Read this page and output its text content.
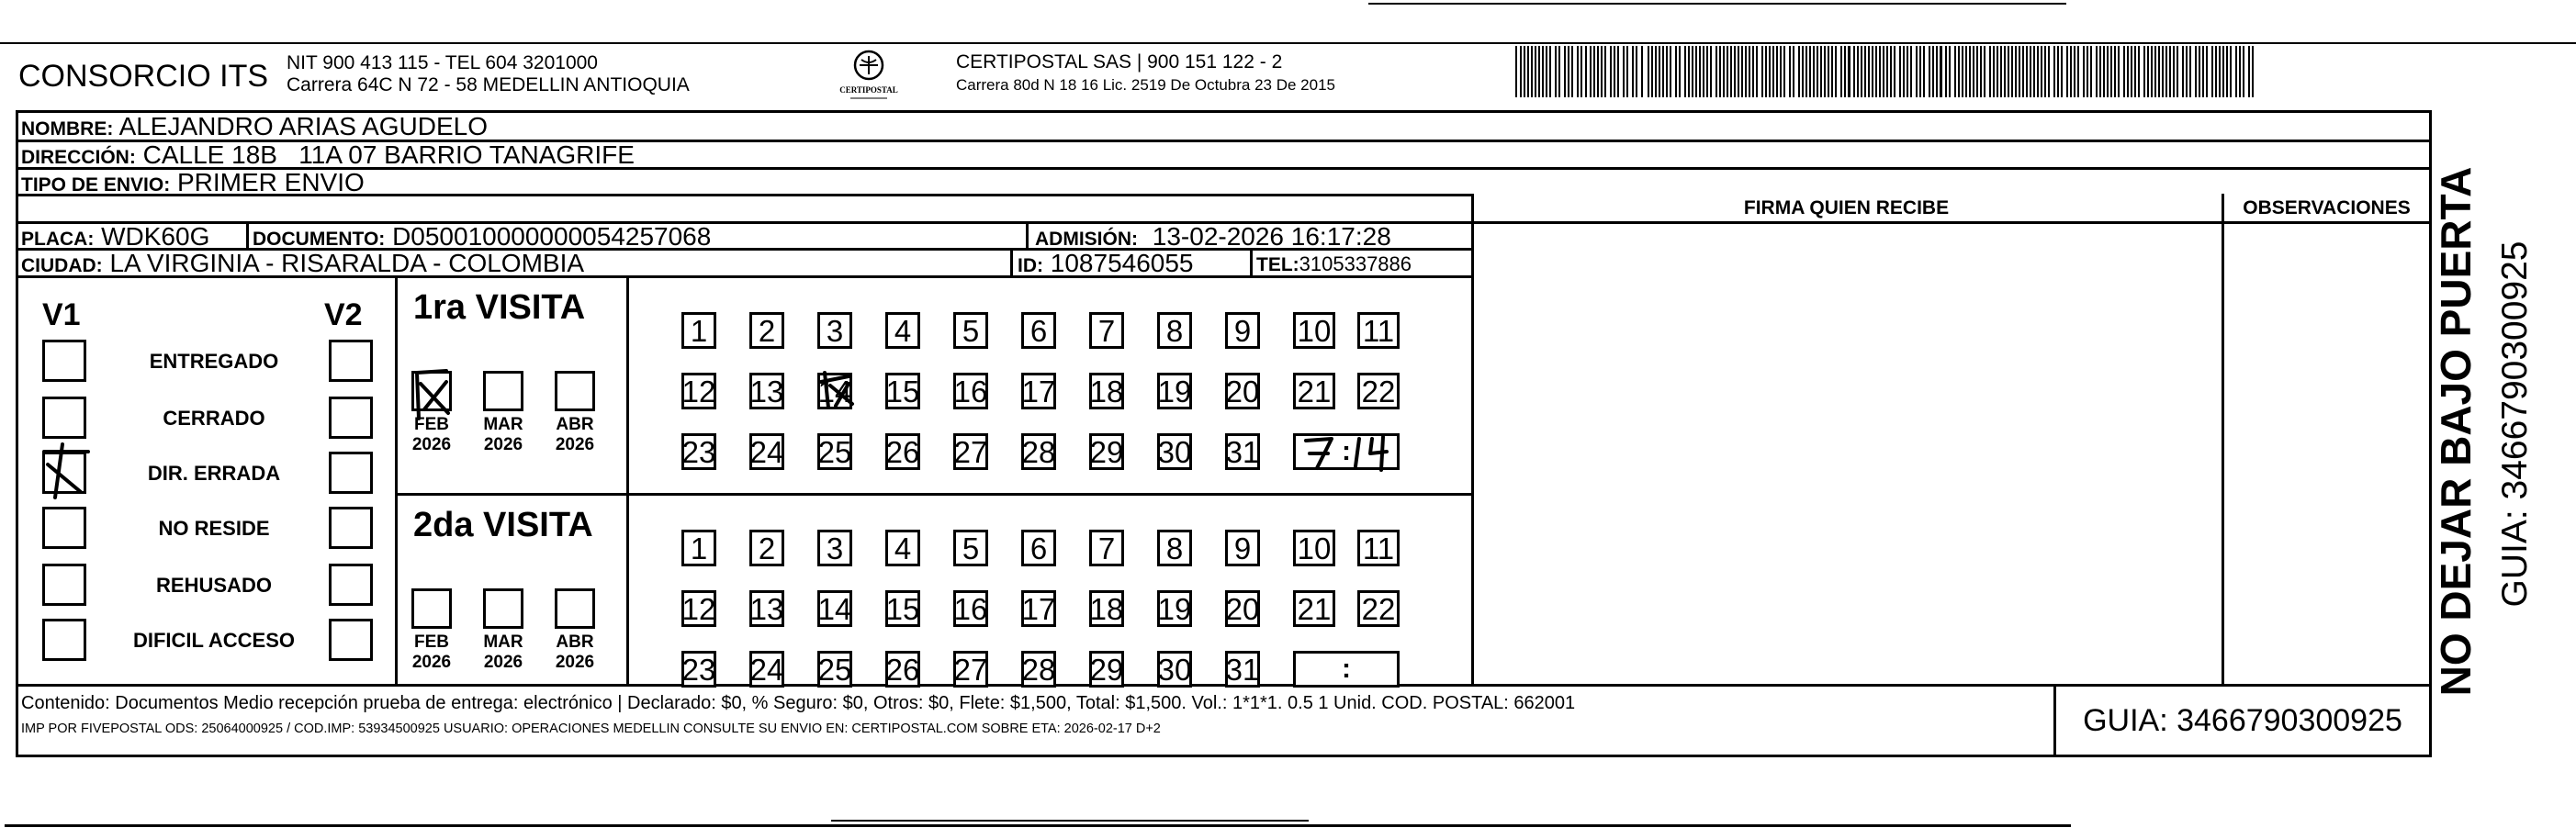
CONSORCIO ITS NIT 900 413 115 - TEL 604 3201000
Carrera 64C N 72 - 58 MEDELLIN ANTIOQUIA	CERTIPOSTAL
CERTIPOSTAL SAS | 900 151 122 - 2
Carrera 80d N 18 16 Lic. 2519 De Octubra 23 De 2015
NOMBRE: ALEJANDRO ARIAS AGUDELO
DIRECCIÓN: CALLE 18B   11A 07 BARRIO TANAGRIFE
TIPO DE ENVIO: PRIMER ENVIO
FIRMA QUIEN RECIBE	OBSERVACIONES
PLACA: WDK60G DOCUMENTO: D050010000000054257068	ADMISIÓN: 13-02-2026 16:17:28
CIUDAD: LA VIRGINIA - RISARALDA - COLOMBIA	ID: 1087546055	TEL:3105337886
V1	V2
ENTREGADO
CERRADO
DIR. ERRADA
NO RESIDE
REHUSADO
DIFICIL ACCESO
1ra VISITA
FEB
2026
MAR
2026
ABR
2026
1 2 3 4 5 6 7 8 9 10 11
12 13 14 15 16 17 18 19 20 21 22
23 24 25 26 27 28 29 30 31	:
2da VISITA
FEB
2026
MAR
2026
ABR
2026
1 2 3 4 5 6 7 8 9 10 11
12 13 14 15 16 17 18 19 20 21 22
23 24 25 26 27 28 29 30 31	:
Contenido: Documentos Medio recepción prueba de entrega: electrónico | Declarado: $0, % Seguro: $0, Otros: $0, Flete: $1,500, Total: $1,500. Vol.: 1*1*1. 0.5 1 Unid. COD. POSTAL: 662001
IMP POR FIVEPOSTAL ODS: 25064000925 / COD.IMP: 53934500925 USUARIO: OPERACIONES MEDELLIN CONSULTE SU ENVIO EN: CERTIPOSTAL.COM SOBRE ETA: 2026-02-17 D+2	GUIA: 3466790300925
NO DEJAR BAJO PUERTA GUIA: 3466790300925
